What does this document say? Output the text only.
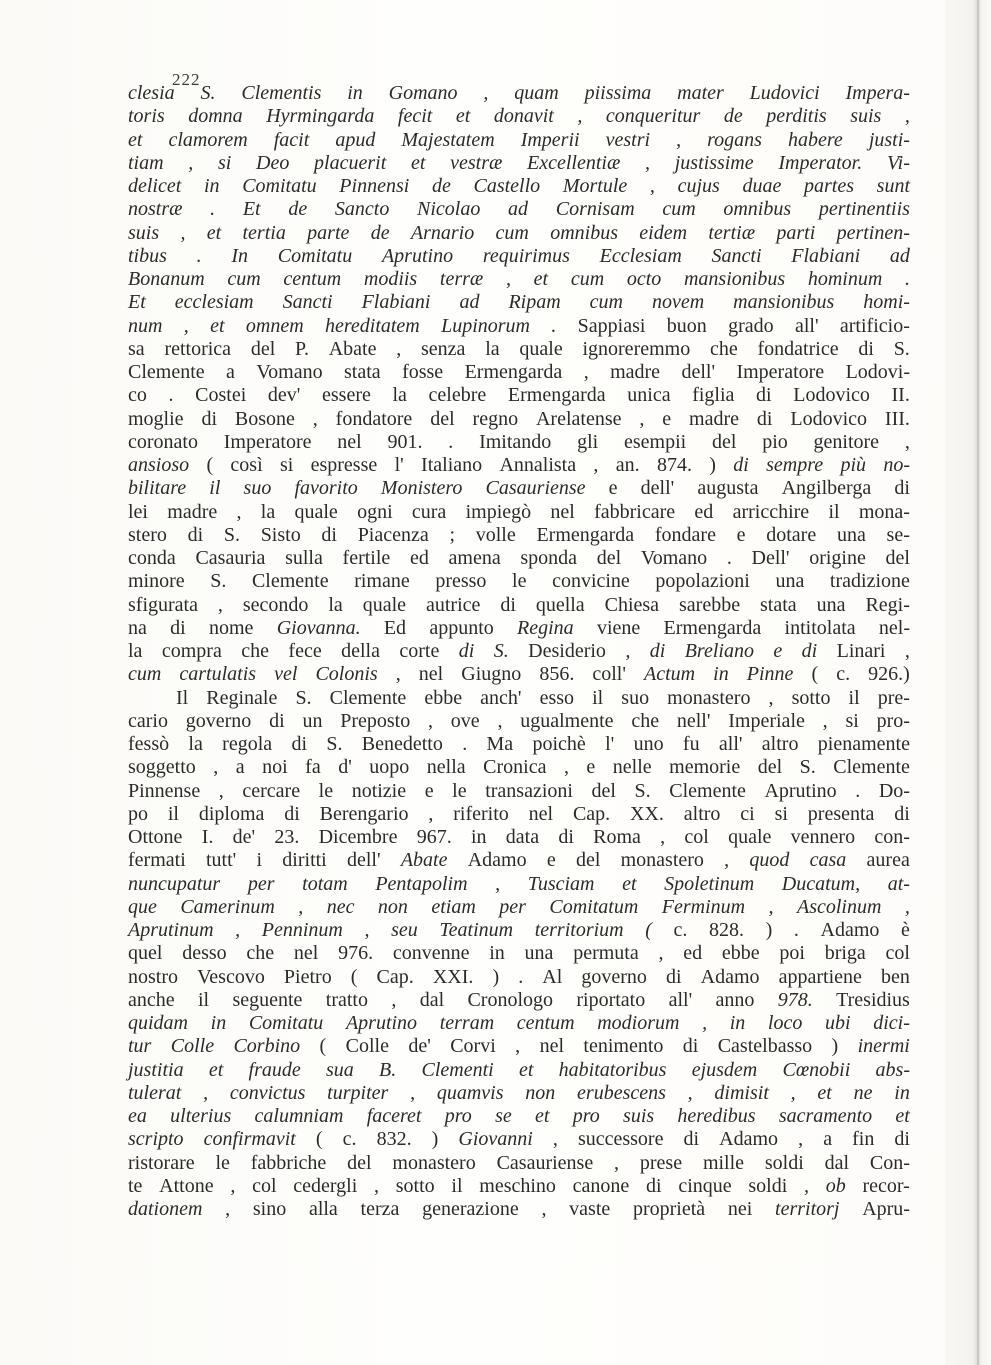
222
clesia S. Clementis in Gomano , quam piissima mater Ludovici Impera-
toris domna Hyrmingarda fecit et donavit , conqueritur de perditis suis ,
et clamorem facit apud Majestatem Imperii vestri , rogans habere justi-
tiam , si Deo placuerit et vestræ Excellentiæ , justissime Imperator. Vi-
delicet in Comitatu Pinnensi de Castello Mortule , cujus duae partes sunt
nostræ . Et de Sancto Nicolao ad Cornisam cum omnibus pertinentiis
suis , et tertia parte de Arnario cum omnibus eidem tertiæ parti pertinen-
tibus . In Comitatu Aprutino requirimus Ecclesiam Sancti Flabiani ad
Bonanum cum centum modiis terræ , et cum octo mansionibus hominum .
Et ecclesiam Sancti Flabiani ad Ripam cum novem mansionibus homi-
num , et omnem hereditatem Lupinorum . Sappiasi buon grado all' artificio-
sa rettorica del P. Abate , senza la quale ignoreremmo che fondatrice di S.
Clemente a Vomano stata fosse Ermengarda , madre dell' Imperatore Lodovi-
co . Costei dev' essere la celebre Ermengarda unica figlia di Lodovico II.
moglie di Bosone , fondatore del regno Arelatense , e madre di Lodovico III.
coronato Imperatore nel 901. . Imitando gli esempii del pio genitore ,
ansioso ( così si espresse l' Italiano Annalista , an. 874. ) di sempre più no-
bilitare il suo favorito Monistero Casauriense e dell' augusta Angilberga di
lei madre , la quale ogni cura impiegò nel fabbricare ed arricchire il mona-
stero di S. Sisto di Piacenza ; volle Ermengarda fondare e dotare una se-
conda Casauria sulla fertile ed amena sponda del Vomano . Dell' origine del
minore S. Clemente rimane presso le convicine popolazioni una tradizione
sfigurata , secondo la quale autrice di quella Chiesa sarebbe stata una Regi-
na di nome Giovanna. Ed appunto Regina viene Ermengarda intitolata nel-
la compra che fece della corte di S. Desiderio , di Breliano e di Linari ,
cum cartulatis vel Colonis , nel Giugno 856. coll' Actum in Pinne ( c. 926.)
Il Reginale S. Clemente ebbe anch' esso il suo monastero , sotto il pre-
cario governo di un Preposto , ove , ugualmente che nell' Imperiale , si pro-
fessò la regola di S. Benedetto . Ma poichè l' uno fu all' altro pienamente
soggetto , a noi fa d' uopo nella Cronica , e nelle memorie del S. Clemente
Pinnense , cercare le notizie e le transazioni del S. Clemente Aprutino . Do-
po il diploma di Berengario , riferito nel Cap. XX. altro ci si presenta di
Ottone I. de' 23. Dicembre 967. in data di Roma , col quale vennero con-
fermati tutt' i diritti dell' Abate Adamo e del monastero , quod casa aurea
nuncupatur per totam Pentapolim , Tusciam et Spoletinum Ducatum, at-
que Camerinum , nec non etiam per Comitatum Ferminum , Ascolinum ,
Aprutinum , Penninum , seu Teatinum territorium ( c. 828. ) . Adamo è
quel desso che nel 976. convenne in una permuta , ed ebbe poi briga col
nostro Vescovo Pietro ( Cap. XXI. ) . Al governo di Adamo appartiene ben
anche il seguente tratto , dal Cronologo riportato all' anno 978. Tresidius
quidam in Comitatu Aprutino terram centum modiorum , in loco ubi dici-
tur Colle Corbino ( Colle de' Corvi , nel tenimento di Castelbasso ) inermi
justitia et fraude sua B. Clementi et habitatoribus ejusdem Cœnobii abs-
tulerat , convictus turpiter , quamvis non erubescens , dimisit , et ne in
ea ulterius calumniam faceret pro se et pro suis heredibus sacramento et
scripto confirmavit ( c. 832. ) Giovanni , successore di Adamo , a fin di
ristorare le fabbriche del monastero Casauriense , prese mille soldi dal Con-
te Attone , col cedergli , sotto il meschino canone di cinque soldi , ob recor-
dationem , sino alla terza generazione , vaste proprietà nei territorj Apru-
